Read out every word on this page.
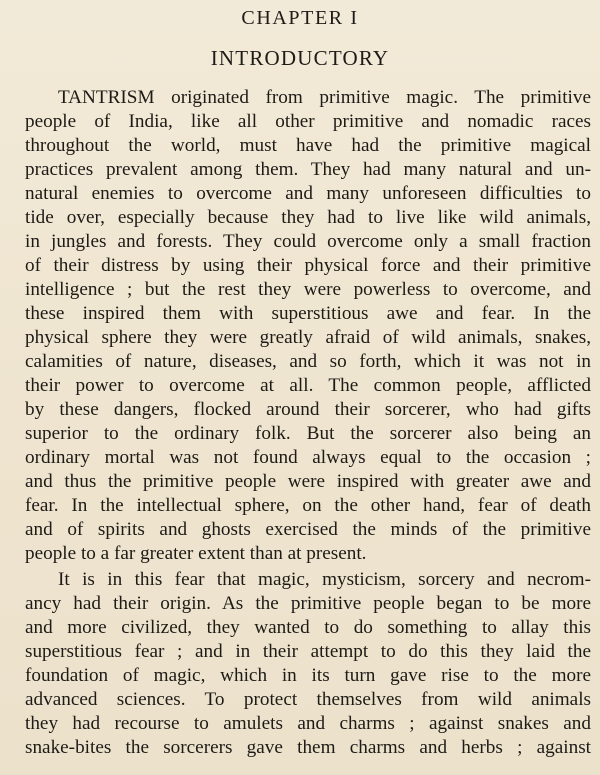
CHAPTER I
INTRODUCTORY
TANTRISM originated from primitive magic. The primitive
people of India, like all other primitive and nomadic races
throughout the world, must have had the primitive magical
practices prevalent among them. They had many natural and un-
natural enemies to overcome and many unforeseen difficulties to
tide over, especially because they had to live like wild animals,
in jungles and forests. They could overcome only a small fraction
of their distress by using their physical force and their primitive
intelligence ; but the rest they were powerless to overcome, and
these inspired them with superstitious awe and fear. In the
physical sphere they were greatly afraid of wild animals, snakes,
calamities of nature, diseases, and so forth, which it was not in
their power to overcome at all. The common people, afflicted
by these dangers, flocked around their sorcerer, who had gifts
superior to the ordinary folk. But the sorcerer also being an
ordinary mortal was not found always equal to the occasion ;
and thus the primitive people were inspired with greater awe and
fear. In the intellectual sphere, on the other hand, fear of death
and of spirits and ghosts exercised the minds of the primitive
people to a far greater extent than at present.
It is in this fear that magic, mysticism, sorcery and necrom-
ancy had their origin. As the primitive people began to be more
and more civilized, they wanted to do something to allay this
superstitious fear ; and in their attempt to do this they laid the
foundation of magic, which in its turn gave rise to the more
advanced sciences. To protect themselves from wild animals
they had recourse to amulets and charms ; against snakes and
snake-bites the sorcerers gave them charms and herbs ; against
